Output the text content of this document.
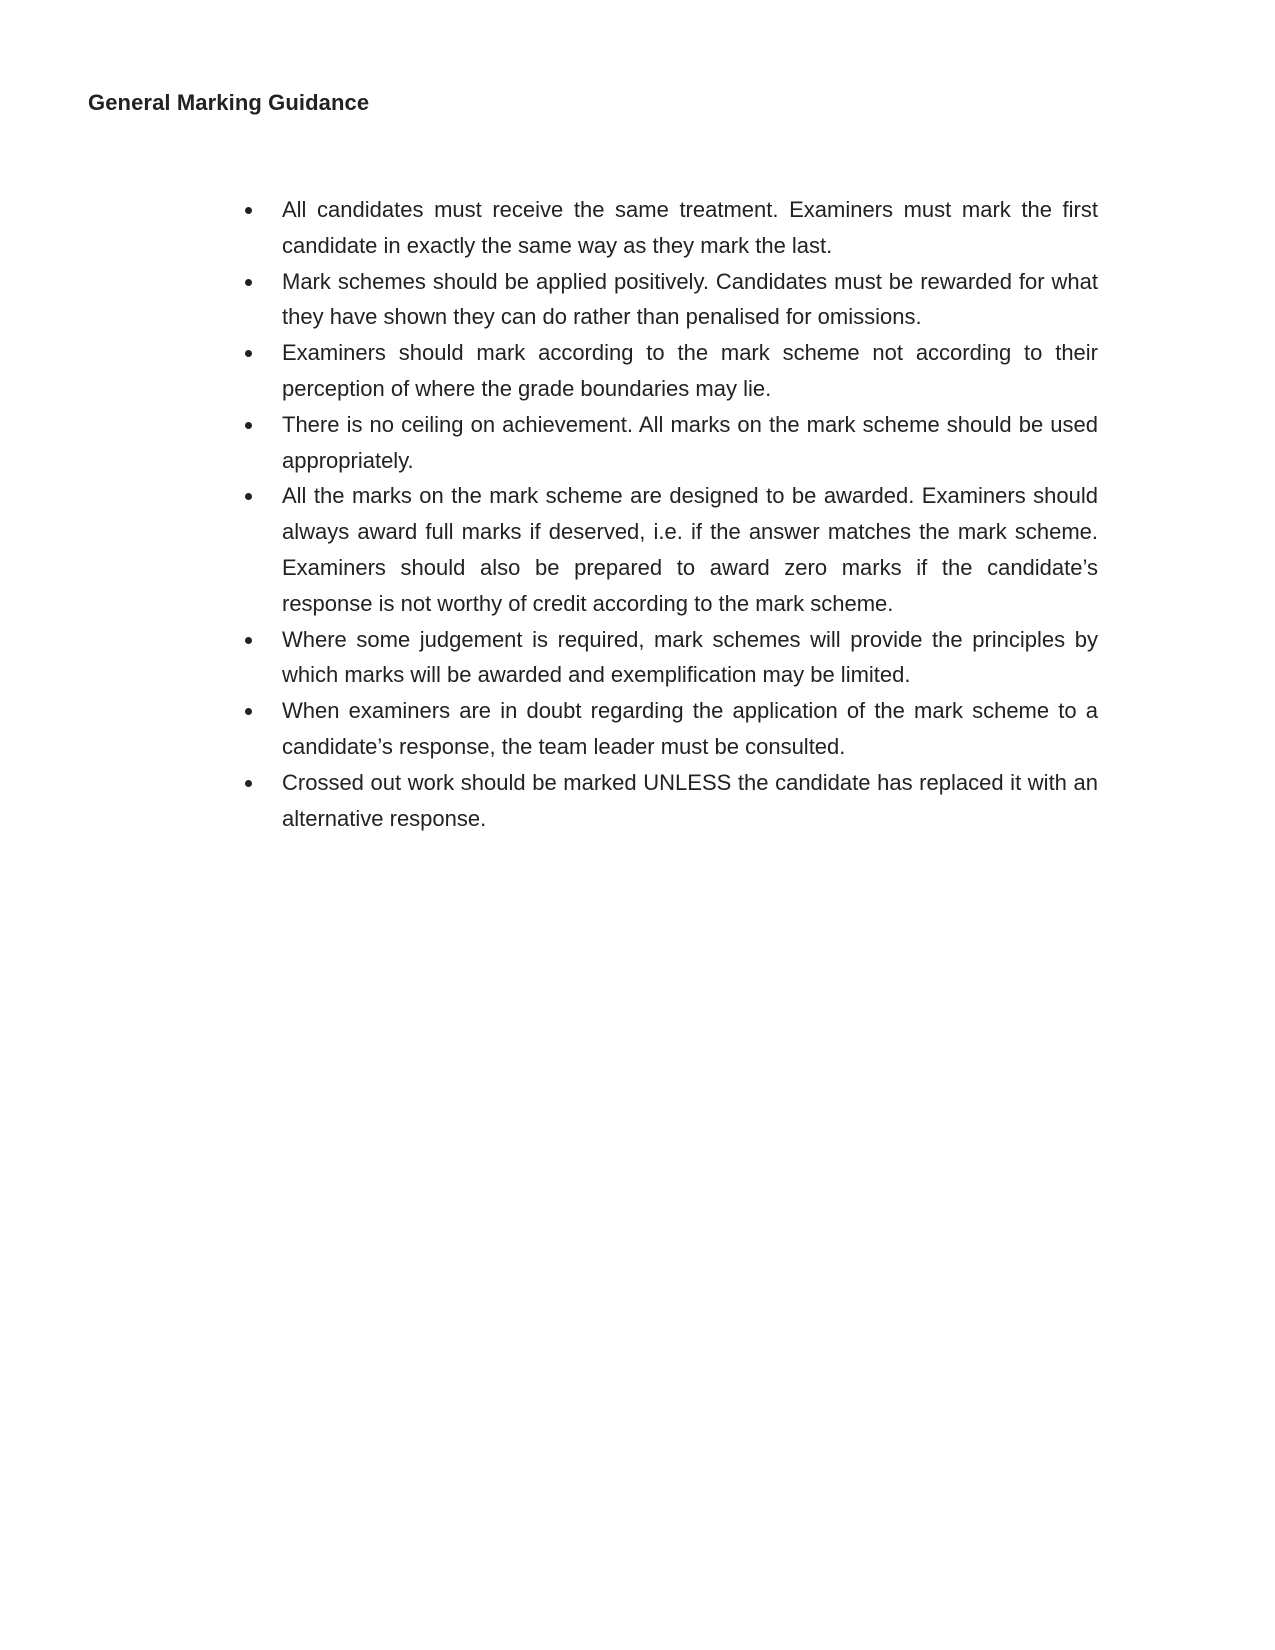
General Marking Guidance
All candidates must receive the same treatment. Examiners must mark the first candidate in exactly the same way as they mark the last.
Mark schemes should be applied positively. Candidates must be rewarded for what they have shown they can do rather than penalised for omissions.
Examiners should mark according to the mark scheme not according to their perception of where the grade boundaries may lie.
There is no ceiling on achievement. All marks on the mark scheme should be used appropriately.
All the marks on the mark scheme are designed to be awarded. Examiners should always award full marks if deserved, i.e. if the answer matches the mark scheme. Examiners should also be prepared to award zero marks if the candidate’s response is not worthy of credit according to the mark scheme.
Where some judgement is required, mark schemes will provide the principles by which marks will be awarded and exemplification may be limited.
When examiners are in doubt regarding the application of the mark scheme to a candidate’s response, the team leader must be consulted.
Crossed out work should be marked UNLESS the candidate has replaced it with an alternative response.
